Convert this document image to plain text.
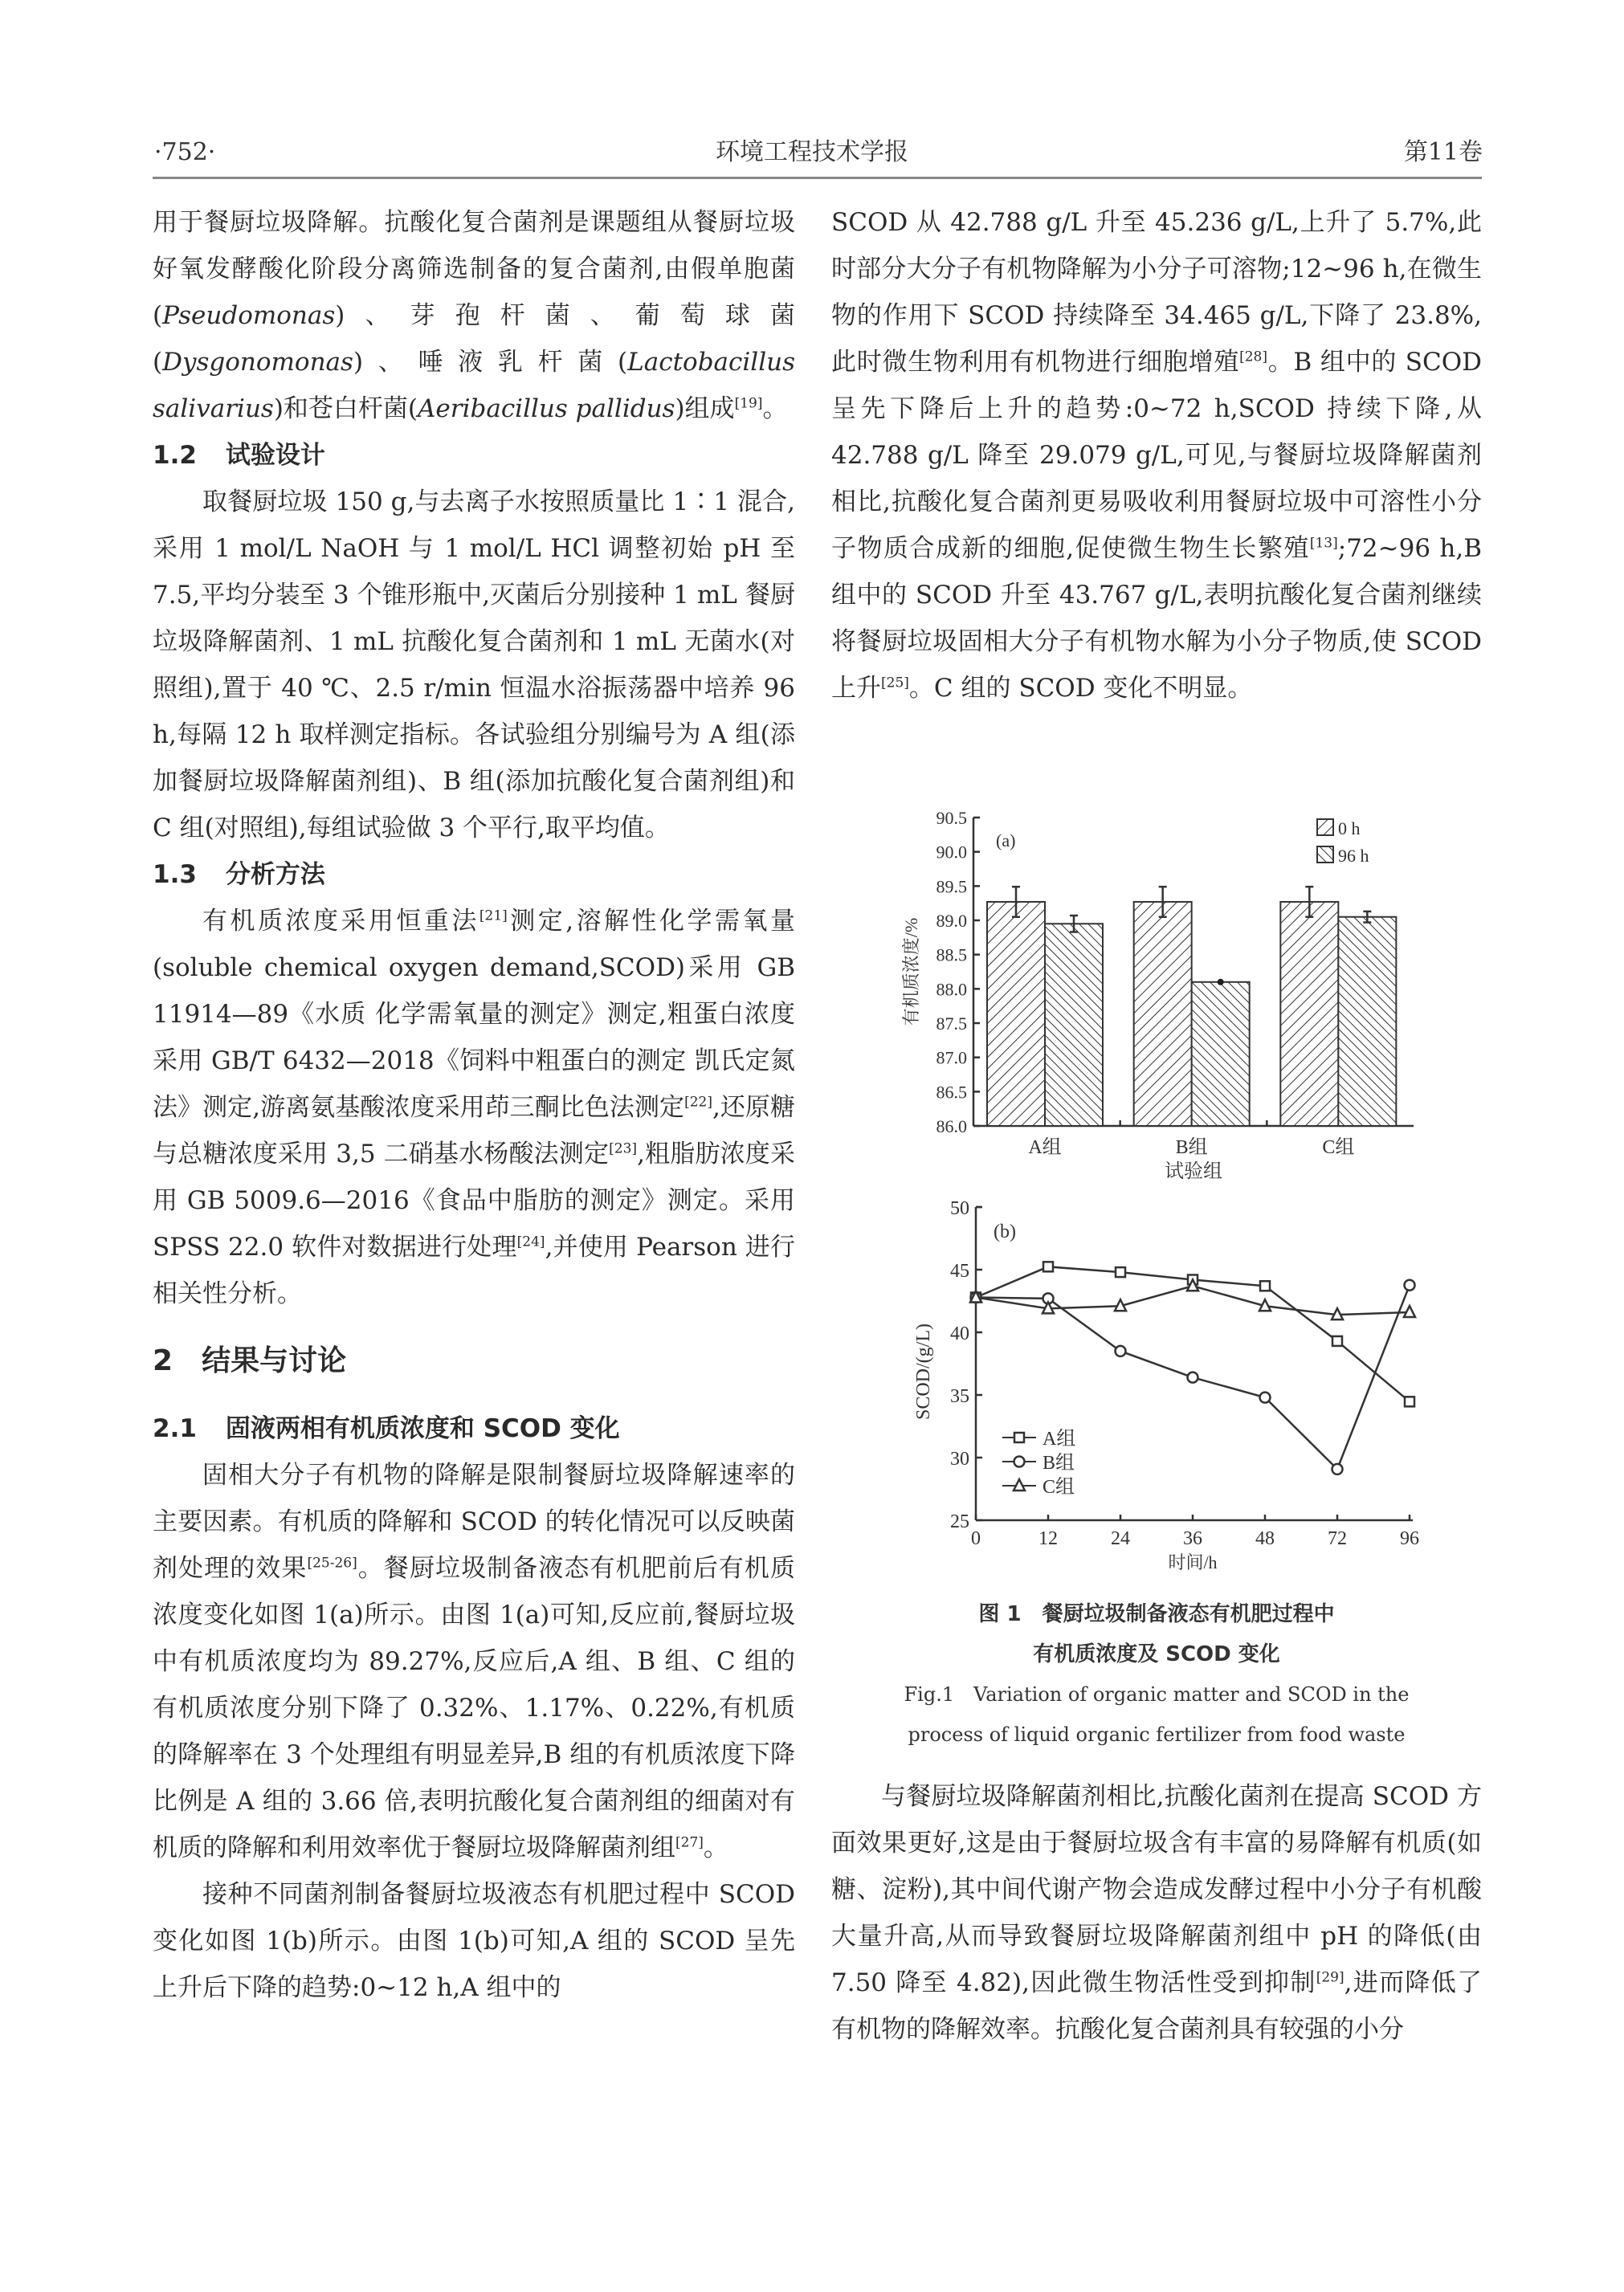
·752·	环境工程技术学报	第11卷

用于餐厨垃圾降解。抗酸化复合菌剂是课题组从餐厨垃圾好氧发酵酸化阶段分离筛选制备的复合菌剂,由假单胞菌(Pseudomonas)、芽孢杆菌、葡萄球菌(Dysgonomonas)、唾液乳杆菌(Lactobacillus salivarius)和苍白杆菌(Aeribacillus pallidus)组成[19]。

1.2 试验设计

取餐厨垃圾 150 g,与去离子水按照质量比 1∶1 混合,采用 1 mol/L NaOH 与 1 mol/L HCl 调整初始 pH 至 7.5,平均分装至 3 个锥形瓶中,灭菌后分别接种 1 mL 餐厨垃圾降解菌剂、1 mL 抗酸化复合菌剂和 1 mL 无菌水(对照组),置于 40 ℃、2.5 r/min 恒温水浴振荡器中培养 96 h,每隔 12 h 取样测定指标。各试验组分别编号为 A 组(添加餐厨垃圾降解菌剂组)、B 组(添加抗酸化复合菌剂组)和 C 组(对照组),每组试验做 3 个平行,取平均值。

1.3 分析方法

有机质浓度采用恒重法[21]测定,溶解性化学需氧量(soluble chemical oxygen demand,SCOD)采用 GB 11914—89《水质 化学需氧量的测定》测定,粗蛋白浓度采用 GB/T 6432—2018《饲料中粗蛋白的测定 凯氏定氮法》测定,游离氨基酸浓度采用茚三酮比色法测定[22],还原糖与总糖浓度采用 3,5 二硝基水杨酸法测定[23],粗脂肪浓度采用 GB 5009.6—2016《食品中脂肪的测定》测定。采用 SPSS 22.0 软件对数据进行处理[24],并使用 Pearson 进行相关性分析。

2 结果与讨论
2.1 固液两相有机质浓度和 SCOD 变化

固相大分子有机物的降解是限制餐厨垃圾降解速率的主要因素。有机质的降解和 SCOD 的转化情况可以反映菌剂处理的效果[25-26]。餐厨垃圾制备液态有机肥前后有机质浓度变化如图 1(a)所示。由图 1(a)可知,反应前,餐厨垃圾中有机质浓度均为 89.27%,反应后,A 组、B 组、C 组的有机质浓度分别下降了 0.32%、1.17%、0.22%,有机质的降解率在 3 个处理组有明显差异,B 组的有机质浓度下降比例是 A 组的 3.66 倍,表明抗酸化复合菌剂组的细菌对有机质的降解和利用效率优于餐厨垃圾降解菌剂组[27]。

接种不同菌剂制备餐厨垃圾液态有机肥过程中 SCOD 变化如图 1(b)所示。由图 1(b)可知,A 组的 SCOD 呈先上升后下降的趋势:0~12 h,A 组中的

SCOD 从 42.788 g/L 升至 45.236 g/L,上升了 5.7%,此时部分大分子有机物降解为小分子可溶物;12~96 h,在微生物的作用下 SCOD 持续降至 34.465 g/L,下降了 23.8%,此时微生物利用有机物进行细胞增殖[28]。B 组中的 SCOD 呈先下降后上升的趋势:0~72 h,SCOD 持续下降,从 42.788 g/L 降至 29.079 g/L,可见,与餐厨垃圾降解菌剂相比,抗酸化复合菌剂更易吸收利用餐厨垃圾中可溶性小分子物质合成新的细胞,促使微生物生长繁殖[13];72~96 h,B 组中的 SCOD 升至 43.767 g/L,表明抗酸化复合菌剂继续将餐厨垃圾固相大分子有机物水解为小分子物质,使 SCOD 上升[25]。C 组的 SCOD 变化不明显。

86.0
86.5
87.0
87.5
88.0
88.5
89.0
89.5
90.0
90.5
A组	B组	C组
试验组
有机质浓度/%
(a)
0 h
96 h
25
30
35
40
45
50
0	12	24	36	48	72	96
时间/h
SCOD/(g/L)
(b)
A组
B组
C组
图 1　餐厨垃圾制备液态有机肥过程中
有机质浓度及 SCOD 变化
Fig.1　Variation of organic matter and SCOD in the
process of liquid organic fertilizer from food waste

与餐厨垃圾降解菌剂相比,抗酸化菌剂在提高 SCOD 方面效果更好,这是由于餐厨垃圾含有丰富的易降解有机质(如糖、淀粉),其中间代谢产物会造成发酵过程中小分子有机酸大量升高,从而导致餐厨垃圾降解菌剂组中 pH 的降低(由 7.50 降至 4.82),因此微生物活性受到抑制[29],进而降低了有机物的降解效率。抗酸化复合菌剂具有较强的小分
